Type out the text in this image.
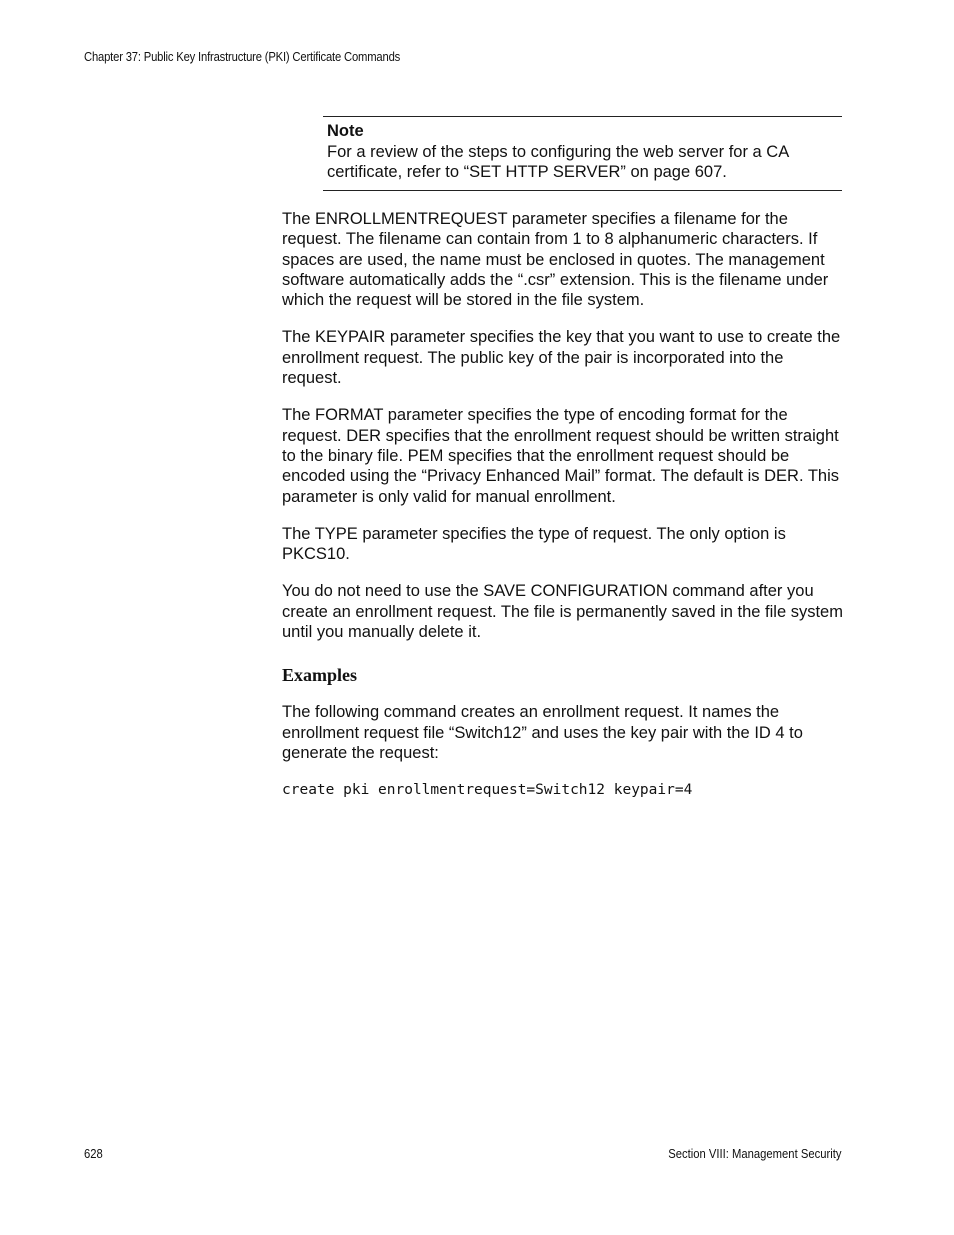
Chapter 37: Public Key Infrastructure (PKI) Certificate Commands
Note
For a review of the steps to configuring the web server for a CA certificate, refer to “SET HTTP SERVER” on page 607.

The ENROLLMENTREQUEST parameter specifies a filename for the request. The filename can contain from 1 to 8 alphanumeric characters. If spaces are used, the name must be enclosed in quotes. The management software automatically adds the “.csr” extension. This is the filename under which the request will be stored in the file system.

The KEYPAIR parameter specifies the key that you want to use to create the enrollment request. The public key of the pair is incorporated into the request.

The FORMAT parameter specifies the type of encoding format for the request. DER specifies that the enrollment request should be written straight to the binary file. PEM specifies that the enrollment request should be encoded using the “Privacy Enhanced Mail” format. The default is DER. This parameter is only valid for manual enrollment.

The TYPE parameter specifies the type of request. The only option is PKCS10.

You do not need to use the SAVE CONFIGURATION command after you create an enrollment request. The file is permanently saved in the file system until you manually delete it.

Examples

The following command creates an enrollment request. It names the enrollment request file “Switch12” and uses the key pair with the ID 4 to generate the request:

create pki enrollmentrequest=Switch12 keypair=4
628	Section VIII: Management Security
